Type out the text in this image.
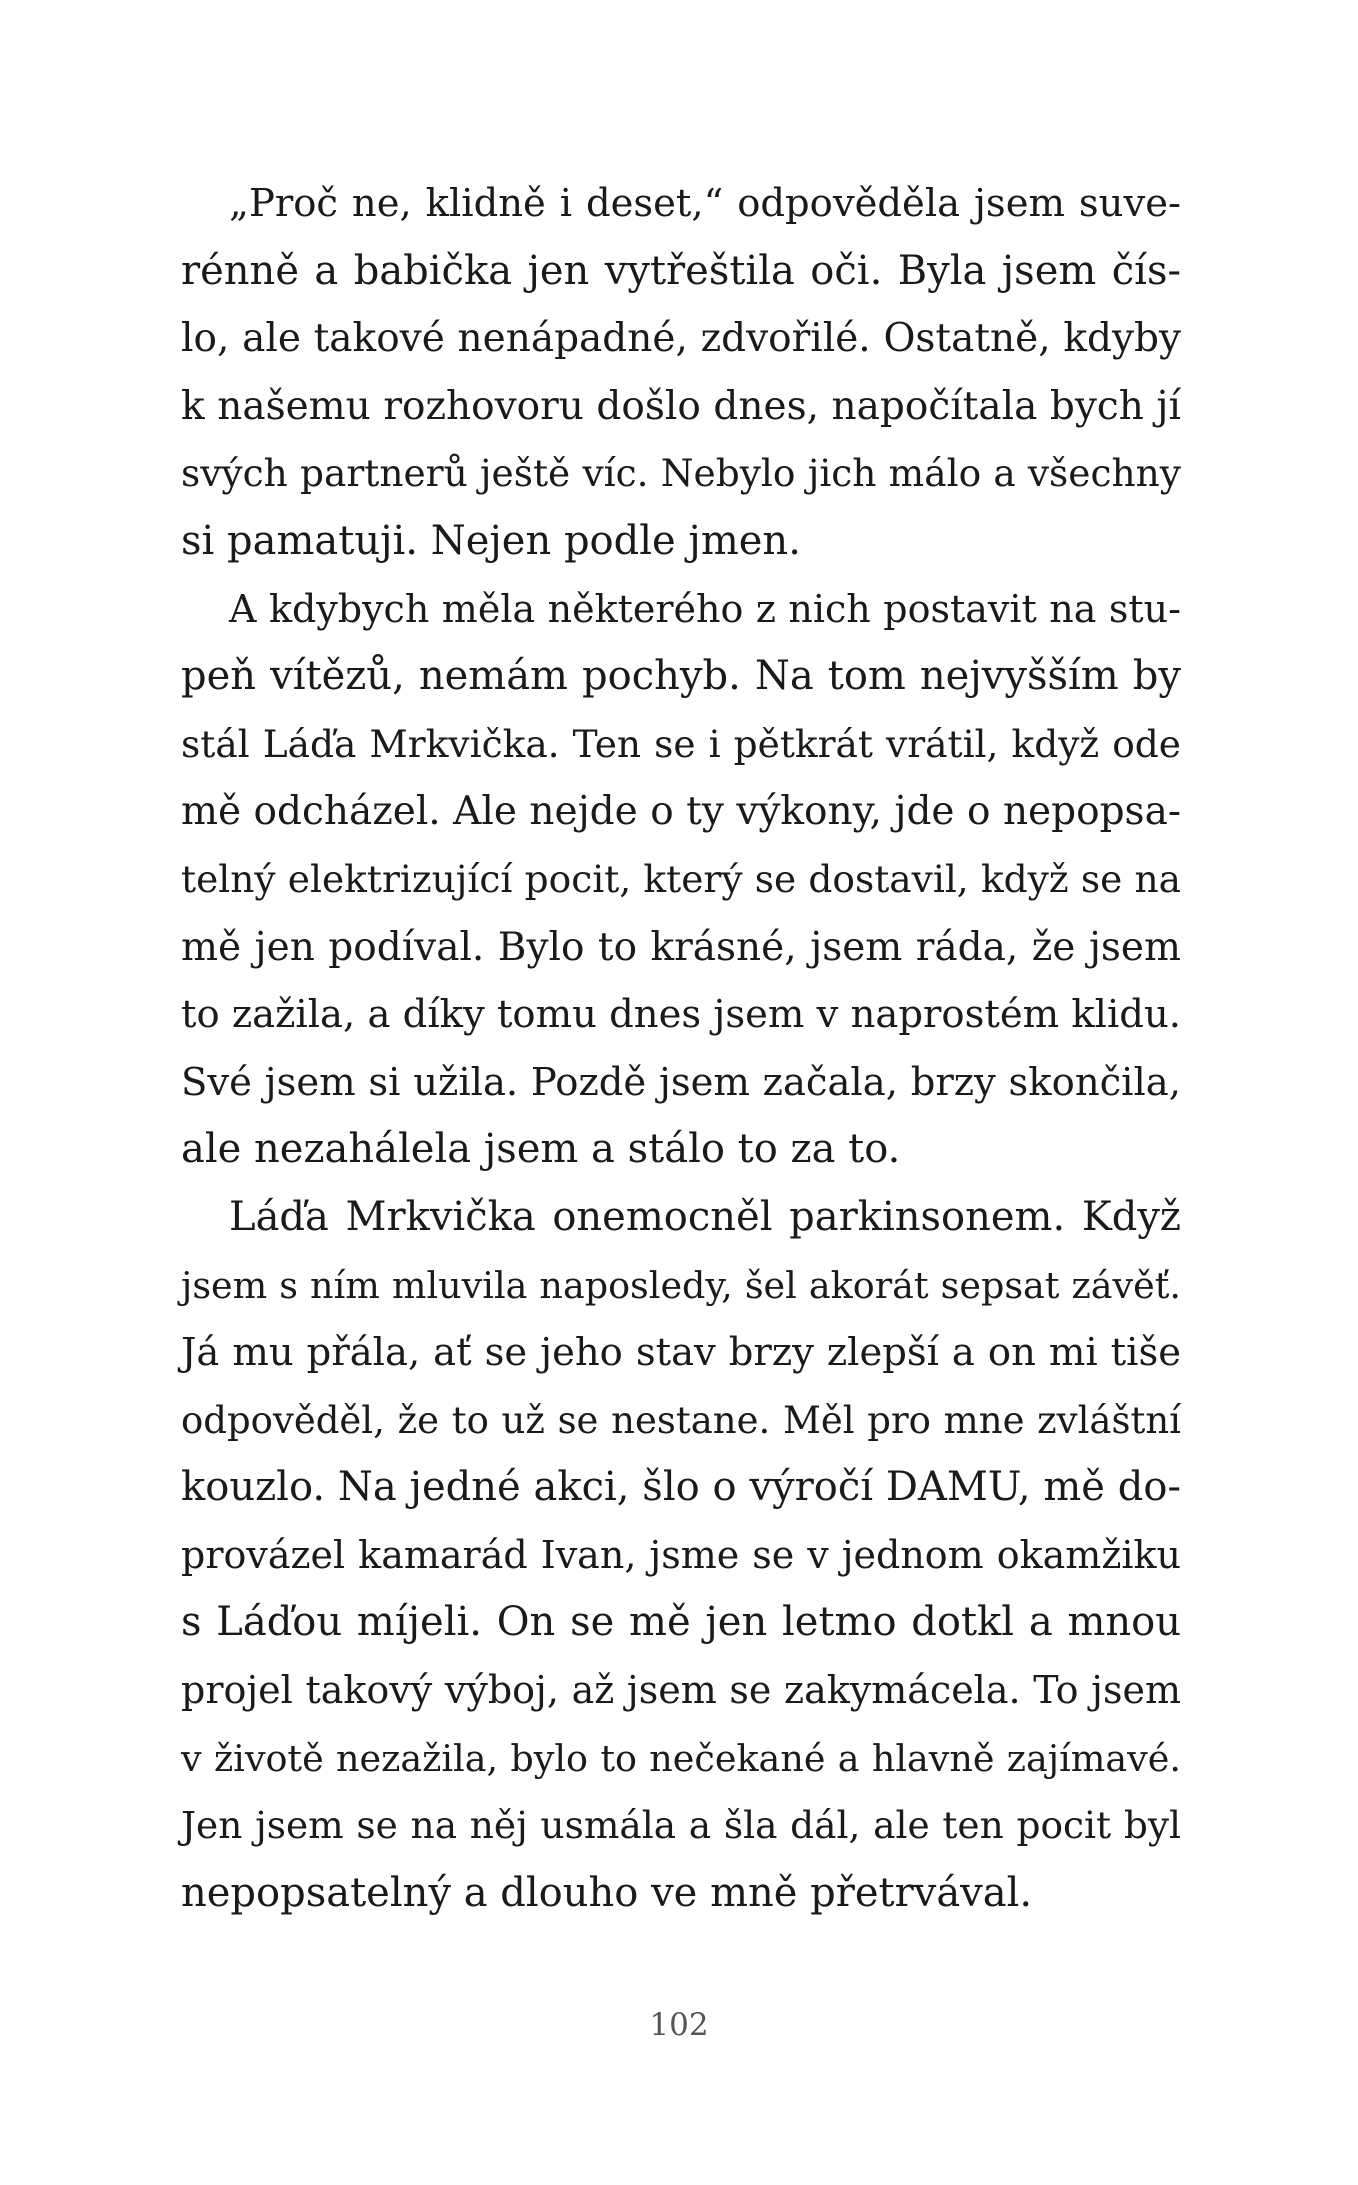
„Proč ne, klidně i deset,“ odpověděla jsem suve-
rénně a babička jen vytřeštila oči. Byla jsem čís-
lo, ale takové nenápadné, zdvořilé. Ostatně, kdyby
k našemu rozhovoru došlo dnes, napočítala bych jí
svých partnerů ještě víc. Nebylo jich málo a všechny
si pamatuji. Nejen podle jmen.
A kdybych měla některého z nich postavit na stu-
peň vítězů, nemám pochyb. Na tom nejvyšším by
stál Láďa Mrkvička. Ten se i pětkrát vrátil, když ode
mě odcházel. Ale nejde o ty výkony, jde o nepopsa-
telný elektrizující pocit, který se dostavil, když se na
mě jen podíval. Bylo to krásné, jsem ráda, že jsem
to zažila, a díky tomu dnes jsem v naprostém klidu.
Své jsem si užila. Pozdě jsem začala, brzy skončila,
ale nezahálela jsem a stálo to za to.
Láďa Mrkvička onemocněl parkinsonem. Když
jsem s ním mluvila naposledy, šel akorát sepsat závěť.
Já mu přála, ať se jeho stav brzy zlepší a on mi tiše
odpověděl, že to už se nestane. Měl pro mne zvláštní
kouzlo. Na jedné akci, šlo o výročí DAMU, mě do-
provázel kamarád Ivan, jsme se v jednom okamžiku
s Láďou míjeli. On se mě jen letmo dotkl a mnou
projel takový výboj, až jsem se zakymácela. To jsem
v životě nezažila, bylo to nečekané a hlavně zajímavé.
Jen jsem se na něj usmála a šla dál, ale ten pocit byl
nepopsatelný a dlouho ve mně přetrvával.
102
